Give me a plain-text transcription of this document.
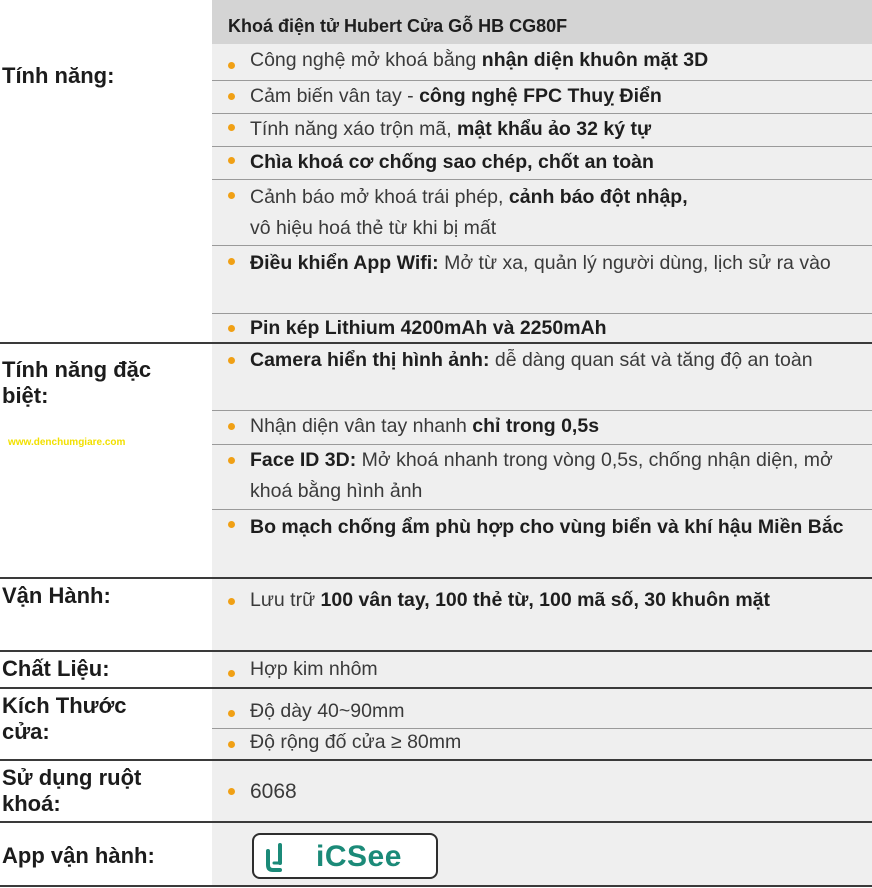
Khoá điện tử Hubert Cửa Gỗ HB CG80F
Tính năng:
Tính năng đặc biệt:
Vận Hành:
Chất Liệu:
Kích Thước cửa:
Sử dụng ruột khoá:
App vận hành:
www.denchumgiare.com
Công nghệ mở khoá bằng nhận diện khuôn mặt 3D
Cảm biến vân tay - công nghệ FPC Thuỵ Điển
Tính năng xáo trộn mã, mật khẩu ảo 32 ký tự
Chìa khoá cơ chống sao chép, chốt an toàn
Cảnh báo mở khoá trái phép, cảnh báo đột nhập,
vô hiệu hoá thẻ từ khi bị mất
Điều khiển App Wifi: Mở từ xa, quản lý người dùng, lịch sử ra vào
Pin kép Lithium 4200mAh và 2250mAh
Camera hiển thị hình ảnh: dễ dàng quan sát và tăng độ an toàn
Nhận diện vân tay nhanh chỉ trong 0,5s
Face ID 3D: Mở khoá nhanh trong vòng 0,5s, chống nhận diện, mở khoá bằng hình ảnh
Bo mạch chống ẩm phù hợp cho vùng biển và khí hậu Miền Bắc
Lưu trữ 100 vân tay, 100 thẻ từ, 100 mã số, 30 khuôn mặt
Hợp kim nhôm
Độ dày 40~90mm
Độ rộng đố cửa ≥ 80mm
6068
iCSee
